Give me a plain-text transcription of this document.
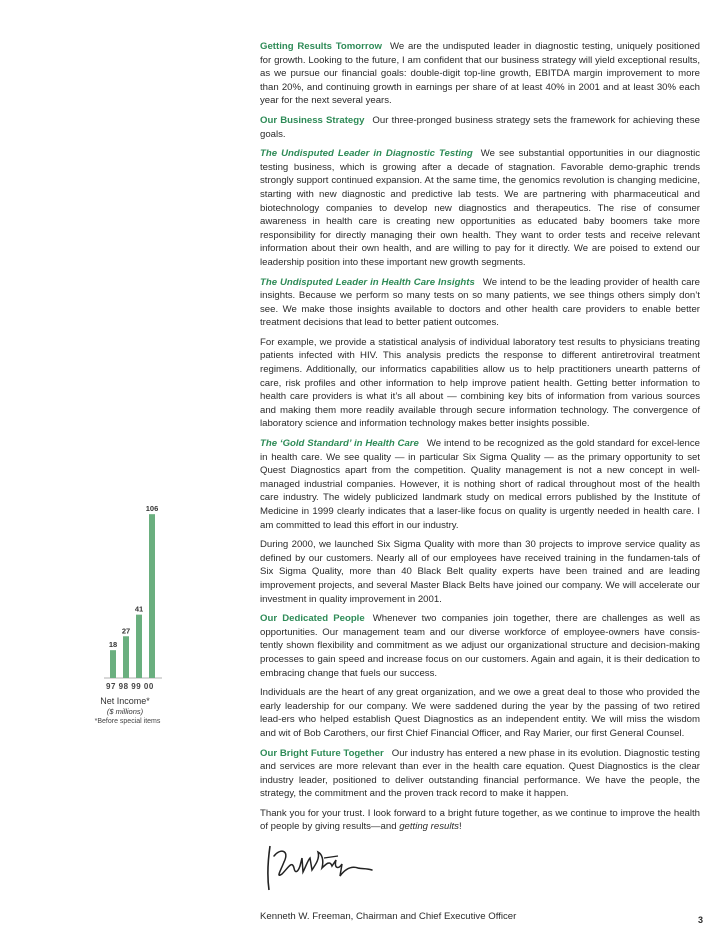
Getting Results Tomorrow We are the undisputed leader in diagnostic testing, uniquely positioned for growth. Looking to the future, I am confident that our business strategy will yield exceptional results, as we pursue our financial goals: double-digit top-line growth, EBITDA margin improvement to more than 20%, and continuing growth in earnings per share of at least 40% in 2001 and at least 30% each year for the next several years.

Our Business Strategy Our three-pronged business strategy sets the framework for achieving these goals.

The Undisputed Leader in Diagnostic Testing We see substantial opportunities in our diagnostic testing business, which is growing after a decade of stagnation. Favorable demo-graphic trends strongly support continued expansion. At the same time, the genomics revolution is changing medicine, starting with new diagnostic and predictive lab tests. We are partnering with pharmaceutical and biotechnology companies to develop new diagnostics and therapeutics. The rise of consumer awareness in health care is creating new opportunities as educated baby boomers take more responsibility for directly managing their own health. They want to order tests and receive relevant information about their own health, and are willing to pay for it directly. We are poised to extend our leadership position into these important new growth segments.

The Undisputed Leader in Health Care Insights We intend to be the leading provider of health care insights. Because we perform so many tests on so many patients, we see things others simply don’t see. We make those insights available to doctors and other health care providers to enable better treatment decisions that lead to better patient outcomes.

For example, we provide a statistical analysis of individual laboratory test results to physicians treating patients infected with HIV. This analysis predicts the response to different antiretroviral treatment regimens. Additionally, our informatics capabilities allow us to help practitioners unearth patterns of care, risk profiles and other information to help improve patient health. Getting better information to health care providers is what it’s all about — combining key bits of information from various sources and making them more readily available through secure information technology. The convergence of laboratory science and information technology makes better insights possible.

The ‘Gold Standard’ in Health Care We intend to be recognized as the gold standard for excel-lence in health care. We see quality — in particular Six Sigma Quality — as the primary opportunity to set Quest Diagnostics apart from the competition. Quality management is not a new concept in well-managed industrial companies. However, it is nothing short of radical throughout most of the health care industry. The widely publicized landmark study on medical errors published by the Institute of Medicine in 1999 clearly indicates that a laser-like focus on quality is urgently needed in health care. I am committed to lead this effort in our industry.

During 2000, we launched Six Sigma Quality with more than 30 projects to improve service quality as defined by our customers. Nearly all of our employees have received training in the fundamen-tals of Six Sigma Quality, more than 40 Black Belt quality experts have been trained and are leading improvement projects, and several Master Black Belts have joined our company. We will accelerate our investment in quality improvement in 2001.

Our Dedicated People Whenever two companies join together, there are challenges as well as opportunities. Our management team and our diverse workforce of employee-owners have consis-tently shown flexibility and commitment as we adjust our organizational structure and decision-making processes to gain speed and increase focus on our customers. Again and again, it is their dedication to embracing change that fuels our success.

Individuals are the heart of any great organization, and we owe a great deal to those who provided the early leadership for our company. We were saddened during the year by the passing of two retired lead-ers who helped establish Quest Diagnostics as an independent entity. We will miss the wisdom and wit of Bob Carothers, our first Chief Financial Officer, and Ray Marier, our first General Counsel.

Our Bright Future Together Our industry has entered a new phase in its evolution. Diagnostic testing and services are more relevant than ever in the health care equation. Quest Diagnostics is the clear industry leader, positioned to deliver outstanding financial performance. We have the people, the strategy, the commitment and the proven track record to make it happen.

Thank you for your trust. I look forward to a bright future together, as we continue to improve the health of people by giving results—and getting results!

18
27
41
106
97 98 99 00
Net Income*
($ millions)
*Before special items
Kenneth W. Freeman, Chairman and Chief Executive Officer	3
